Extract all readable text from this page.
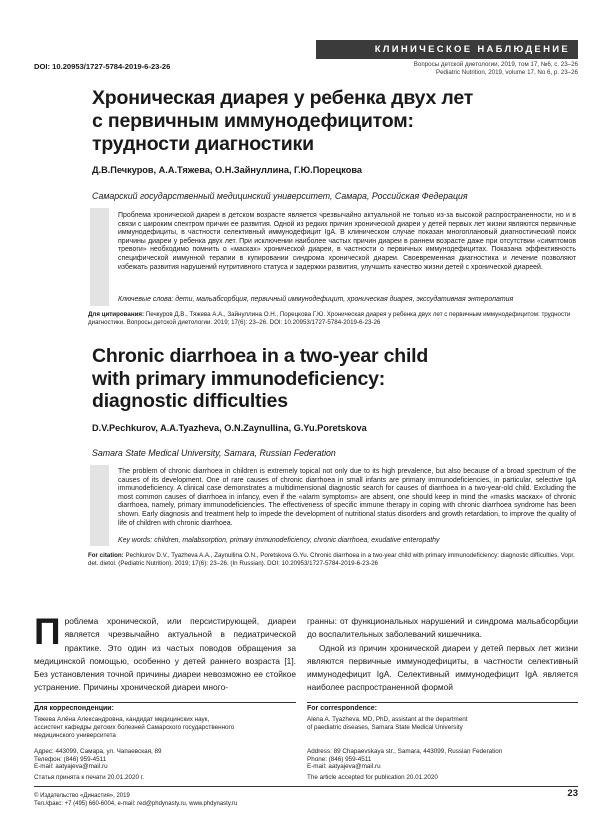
КЛИНИЧЕСКОЕ НАБЛЮДЕНИЕ
DOI: 10.20953/1727-5784-2019-6-23-26	Вопросы детской диетологии, 2019, том 17, №6, с. 23–26
Pediatric Nutrition, 2019, volume 17, No 6, p. 23–26
Хроническая диарея у ребенка двух лет
с первичным иммунодефицитом:
трудности диагностики
Д.В.Печкуров, А.А.Тяжева, О.Н.Зайнуллина, Г.Ю.Порецкова
Самарский государственный медицинский университет, Самара, Российская Федерация
Проблема хронической диареи в детском возрасте является чрезвычайно актуальной не только из-за высокой распространенности, но и в связи с широким спектром причин ее развития. Одной из редких причин хронической диареи у детей первых лет жизни являются первичные иммунодефициты, в частности селективный иммунодефицит IgA. В клиническом случае показан многоплановый диагностический поиск причины диареи у ребенка двух лет. При исключении наиболее частых причин диареи в раннем возрасте даже при отсутствии «симптомов тревоги» необходимо помнить о «масках» хронической диареи, в частности о первичных иммунодефицитах. Показана эффективность специфической иммунной терапии в купировании синдрома хронической диареи. Своевременная диагностика и лечение позволяют избежать развития нарушений нутритивного статуса и задержки развития, улучшить качество жизни детей с хронической диареей.
Ключевые слова: дети, мальабсорбция, первичный иммунодефицит, хроническая диарея, экссудативная энтеропатия
Для цитирования: Печкуров Д.В., Тяжева А.А., Зайнуллина О.Н., Порецкова Г.Ю. Хроническая диарея у ребенка двух лет с первичным иммунодефицитом: трудности диагностики. Вопросы детской диетологии. 2019; 17(6): 23–26. DOI: 10.20953/1727-5784-2019-6-23-26
Chronic diarrhoea in a two-year child
with primary immunodeficiency:
diagnostic difficulties
D.V.Pechkurov, A.A.Tyazheva, O.N.Zaynullina, G.Yu.Poretskova
Samara State Medical University, Samara, Russian Federation
The problem of chronic diarrhoea in children is extremely topical not only due to its high prevalence, but also because of a broad spectrum of the causes of its development. One of rare causes of chronic diarrhoea in small infants are primary immunodeficiencies, in particular, selective IgA immunodeficiency. A clinical case demonstrates a multidimensional diagnostic search for causes of diarrhoea in a two-year-old child. Excluding the most common causes of diarrhoea in infancy, even if the «alarm symptoms» are absent, one should keep in mind the «masks маскax» of chronic diarrhoea, namely, primary immunodeficiencies. The effectiveness of specific immune therapy in coping with chronic diarrhoea syndrome has been shown. Early diagnosis and treatment help to impede the development of nutritional status disorders and growth retardation, to improve the quality of life of children with chronic diarrhoea.
Key words: children, malabsorption, primary immunodeficiency, chronic diarrhoea, exudative enteropathy
For citation: Pechkurov D.V., Tyazheva A.A., Zaynullina O.N., Poretskova G.Yu. Chronic diarrhoea in a two-year child with primary immunodeficiency: diagnostic difficulties. Vopr. det. dietol. (Pediatric Nutrition). 2019; 17(6): 23–26. (In Russian). DOI: 10.20953/1727-5784-2019-6-23-26
Проблема хронической, или персистирующей, диареи является чрезвычайно актуальной в педиатрической практике. Это один из частых поводов обращения за медицинской помощью, особенно у детей раннего возраста [1]. Без установления точной причины диареи невозможно ее стойкое устранение. Причины хронической диареи много-

гранны: от функциональных нарушений и синдрома мальабсорбции до воспалительных заболеваний кишечника.

Одной из причин хронической диареи у детей первых лет жизни являются первичные иммунодефициты, в частности селективный иммунодефицит IgA. Селективный иммунодефицит IgA является наиболее распространенной формой

Для корреспонденции:
Тяжева Алёна Александровна, кандидат медицинских наук,
ассистент кафедры детских болезней Самарского государственного
медицинского университета
Адрес: 443099, Самара, ул. Чапаевская, 89
Телефон: (846) 959-4511
E-mail: aatyajeva@mail.ru
Статья принята к печати 20.01.2020 г.
For correspondence:
Alena A. Tyazheva, MD, PhD, assistant at the department
of paediatric diseases, Samara State Medical University
Address: 89 Chapaevskaya str., Samara, 443099, Russian Federation
Phone: (846) 959-4511
E-mail: aatyajeva@mail.ru
The article accepted for publication 20.01.2020
© Издательство «Династия», 2019
Тел./факс: +7 (495) 660-6004, e-mail: red@phdynasty.ru, www.phdynasty.ru
23
